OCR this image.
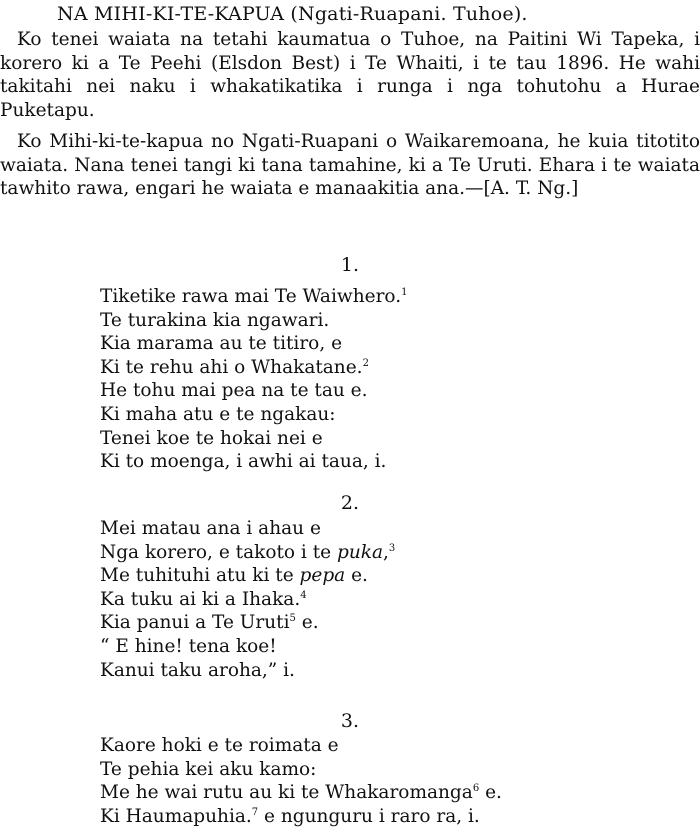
NA MIHI-KI-TE-KAPUA (Ngati-Ruapani. Tuhoe).

Ko tenei waiata na tetahi kaumatua o Tuhoe, na Paitini Wi Tapeka, i korero ki a Te Peehi (Elsdon Best) i Te Whaiti, i te tau 1896. He wahi takitahi nei naku i whakatikatika i runga i nga tohutohu a Hurae Puketapu.

Ko Mihi-ki-te-kapua no Ngati-Ruapani o Waikaremoana, he kuia titotito waiata. Nana tenei tangi ki tana tamahine, ki a Te Uruti. Ehara i te waiata tawhito rawa, engari he waiata e manaakitia ana.—[A. T. Ng.]

1.
Tiketike rawa mai Te Waiwhero.$^1$
Te turakina kia ngawari.
Kia marama au te titiro, e
Ki te rehu ahi o Whakatane.$^2$
He tohu mai pea na te tau e.
Ki maha atu e te ngakau:
Tenei koe te hokai nei e
Ki to moenga, i awhi ai taua, i.
2.
Mei matau ana i ahau e
Nga korero, e takoto i te puka,$^3$
Me tuhituhi atu ki te pepa e.
Ka tuku ai ki a Ihaka.$^4$
Kia panui a Te Uruti$^5$ e.
“ E hine! tena koe!
Kanui taku aroha,” i.
3.
Kaore hoki e te roimata e
Te pehia kei aku kamo:
Me he wai rutu au ki te Whakaromanga$^6$ e.
Ki Haumapuhia.$^7$ e ngunguru i raro ra, i.
